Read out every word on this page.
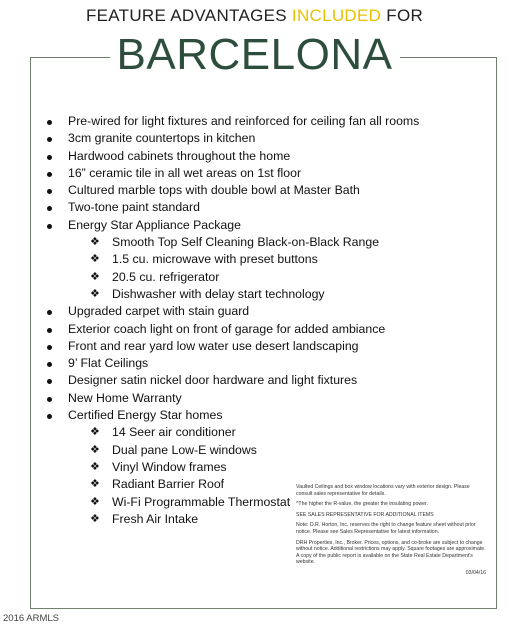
FEATURE ADVANTAGES INCLUDED FOR
BARCELONA
Pre-wired for light fixtures and reinforced for ceiling fan all rooms
3cm granite countertops in kitchen
Hardwood cabinets throughout the home
16” ceramic tile in all wet areas on 1st floor
Cultured marble tops with double bowl at Master Bath
Two-tone paint standard
Energy Star Appliance Package
❖ Smooth Top Self Cleaning Black-on-Black Range
❖ 1.5 cu. microwave with preset buttons
❖ 20.5 cu. refrigerator
❖ Dishwasher with delay start technology
Upgraded carpet with stain guard
Exterior coach light on front of garage for added ambiance
Front and rear yard low water use desert landscaping
9’ Flat Ceilings
Designer satin nickel door hardware and light fixtures
New Home Warranty
Certified Energy Star homes
❖ 14 Seer air conditioner
❖ Dual pane Low-E windows
❖ Vinyl Window frames
❖ Radiant Barrier Roof
❖ Wi-Fi Programmable Thermostat
❖ Fresh Air Intake

Vaulted Ceilings and box window locations vary with exterior design. Please consult sales representative for details.

^The higher the R-value, the greater the insulating power.

SEE SALES REPRESENTATIVE FOR ADDITIONAL ITEMS

Note: D.R. Horton, Inc. reserves the right to change feature sheet without prior notice. Please see Sales Representative for latest information.

DRH Properties, Inc., Broker. Prices, options, and co-broke are subject to change without notice. Additional restrictions may apply. Square footages are approximate. A copy of the public report is available on the State Real Estate Department's website.

03/04/16
2016 ARMLS
